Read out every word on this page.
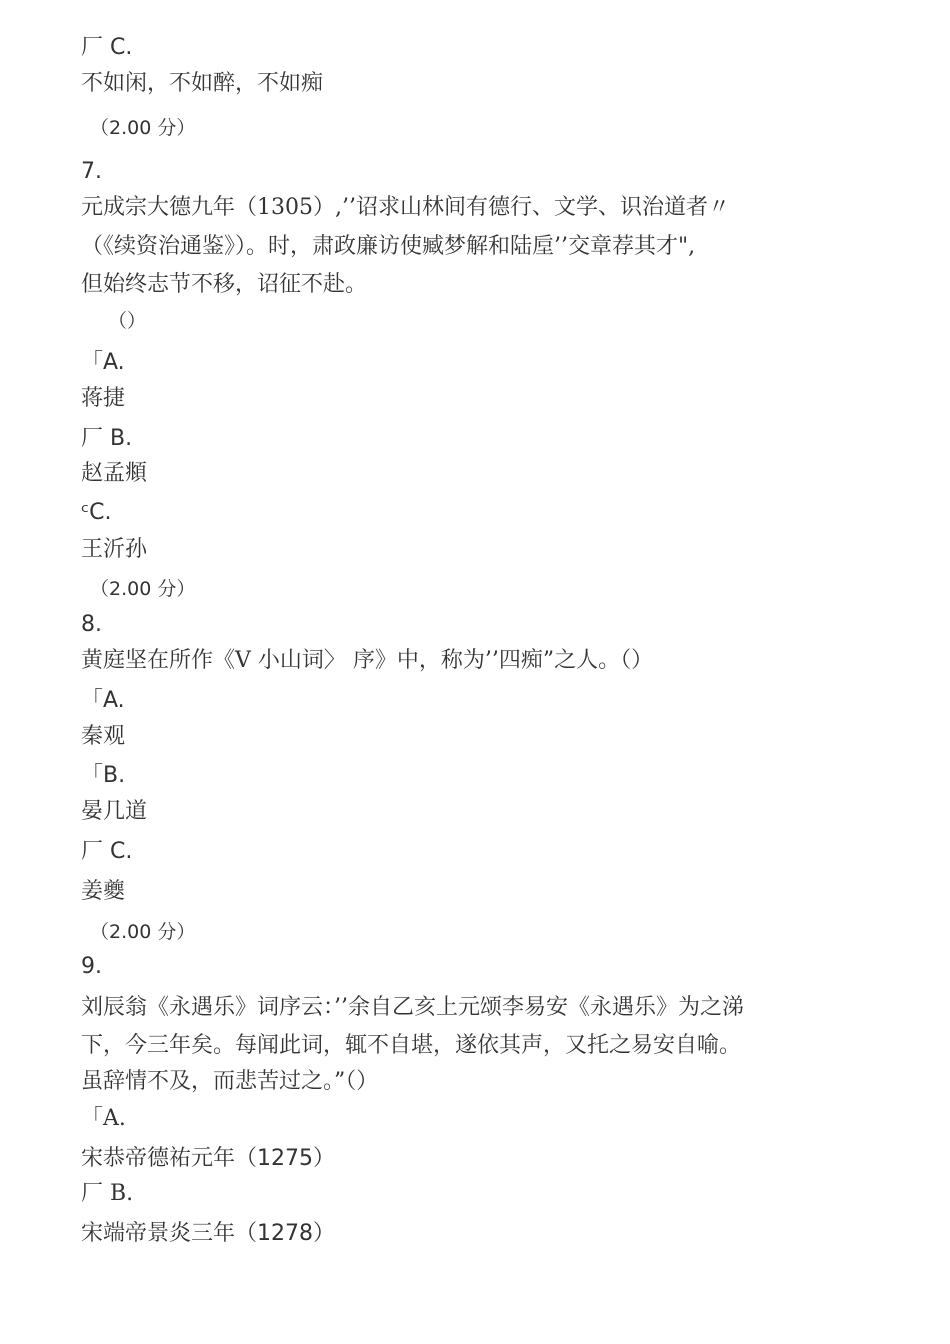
厂 C.
不如闲，不如醉，不如痴
（2.00 分）
7.
元成宗大德九年（1305）,’’诏求山林间有德行、文学、识治道者〃
（《续资治通鉴》）。时，肃政廉访使臧梦解和陆垕’’交章荐其才",
但始终志节不移，诏征不赴。
（）
「A.
蒋捷
厂 B.
赵孟頫
ᶜC.
王沂孙
（2.00 分）
8.
黄庭坚在所作《V 小山词〉 序》中，称为’’四痴”之人。（）
「A.
秦观
「B.
晏几道
厂 C.
姜夔
（2.00 分）
9.
刘辰翁《永遇乐》词序云：’’余自乙亥上元颂李易安《永遇乐》为之涕
下，今三年矣。每闻此词，辄不自堪，遂依其声，又托之易安自喻。
虽辞情不及，而悲苦过之。”（）
「A.
宋恭帝德祐元年（1275）
厂 B.
宋端帝景炎三年（1278）
